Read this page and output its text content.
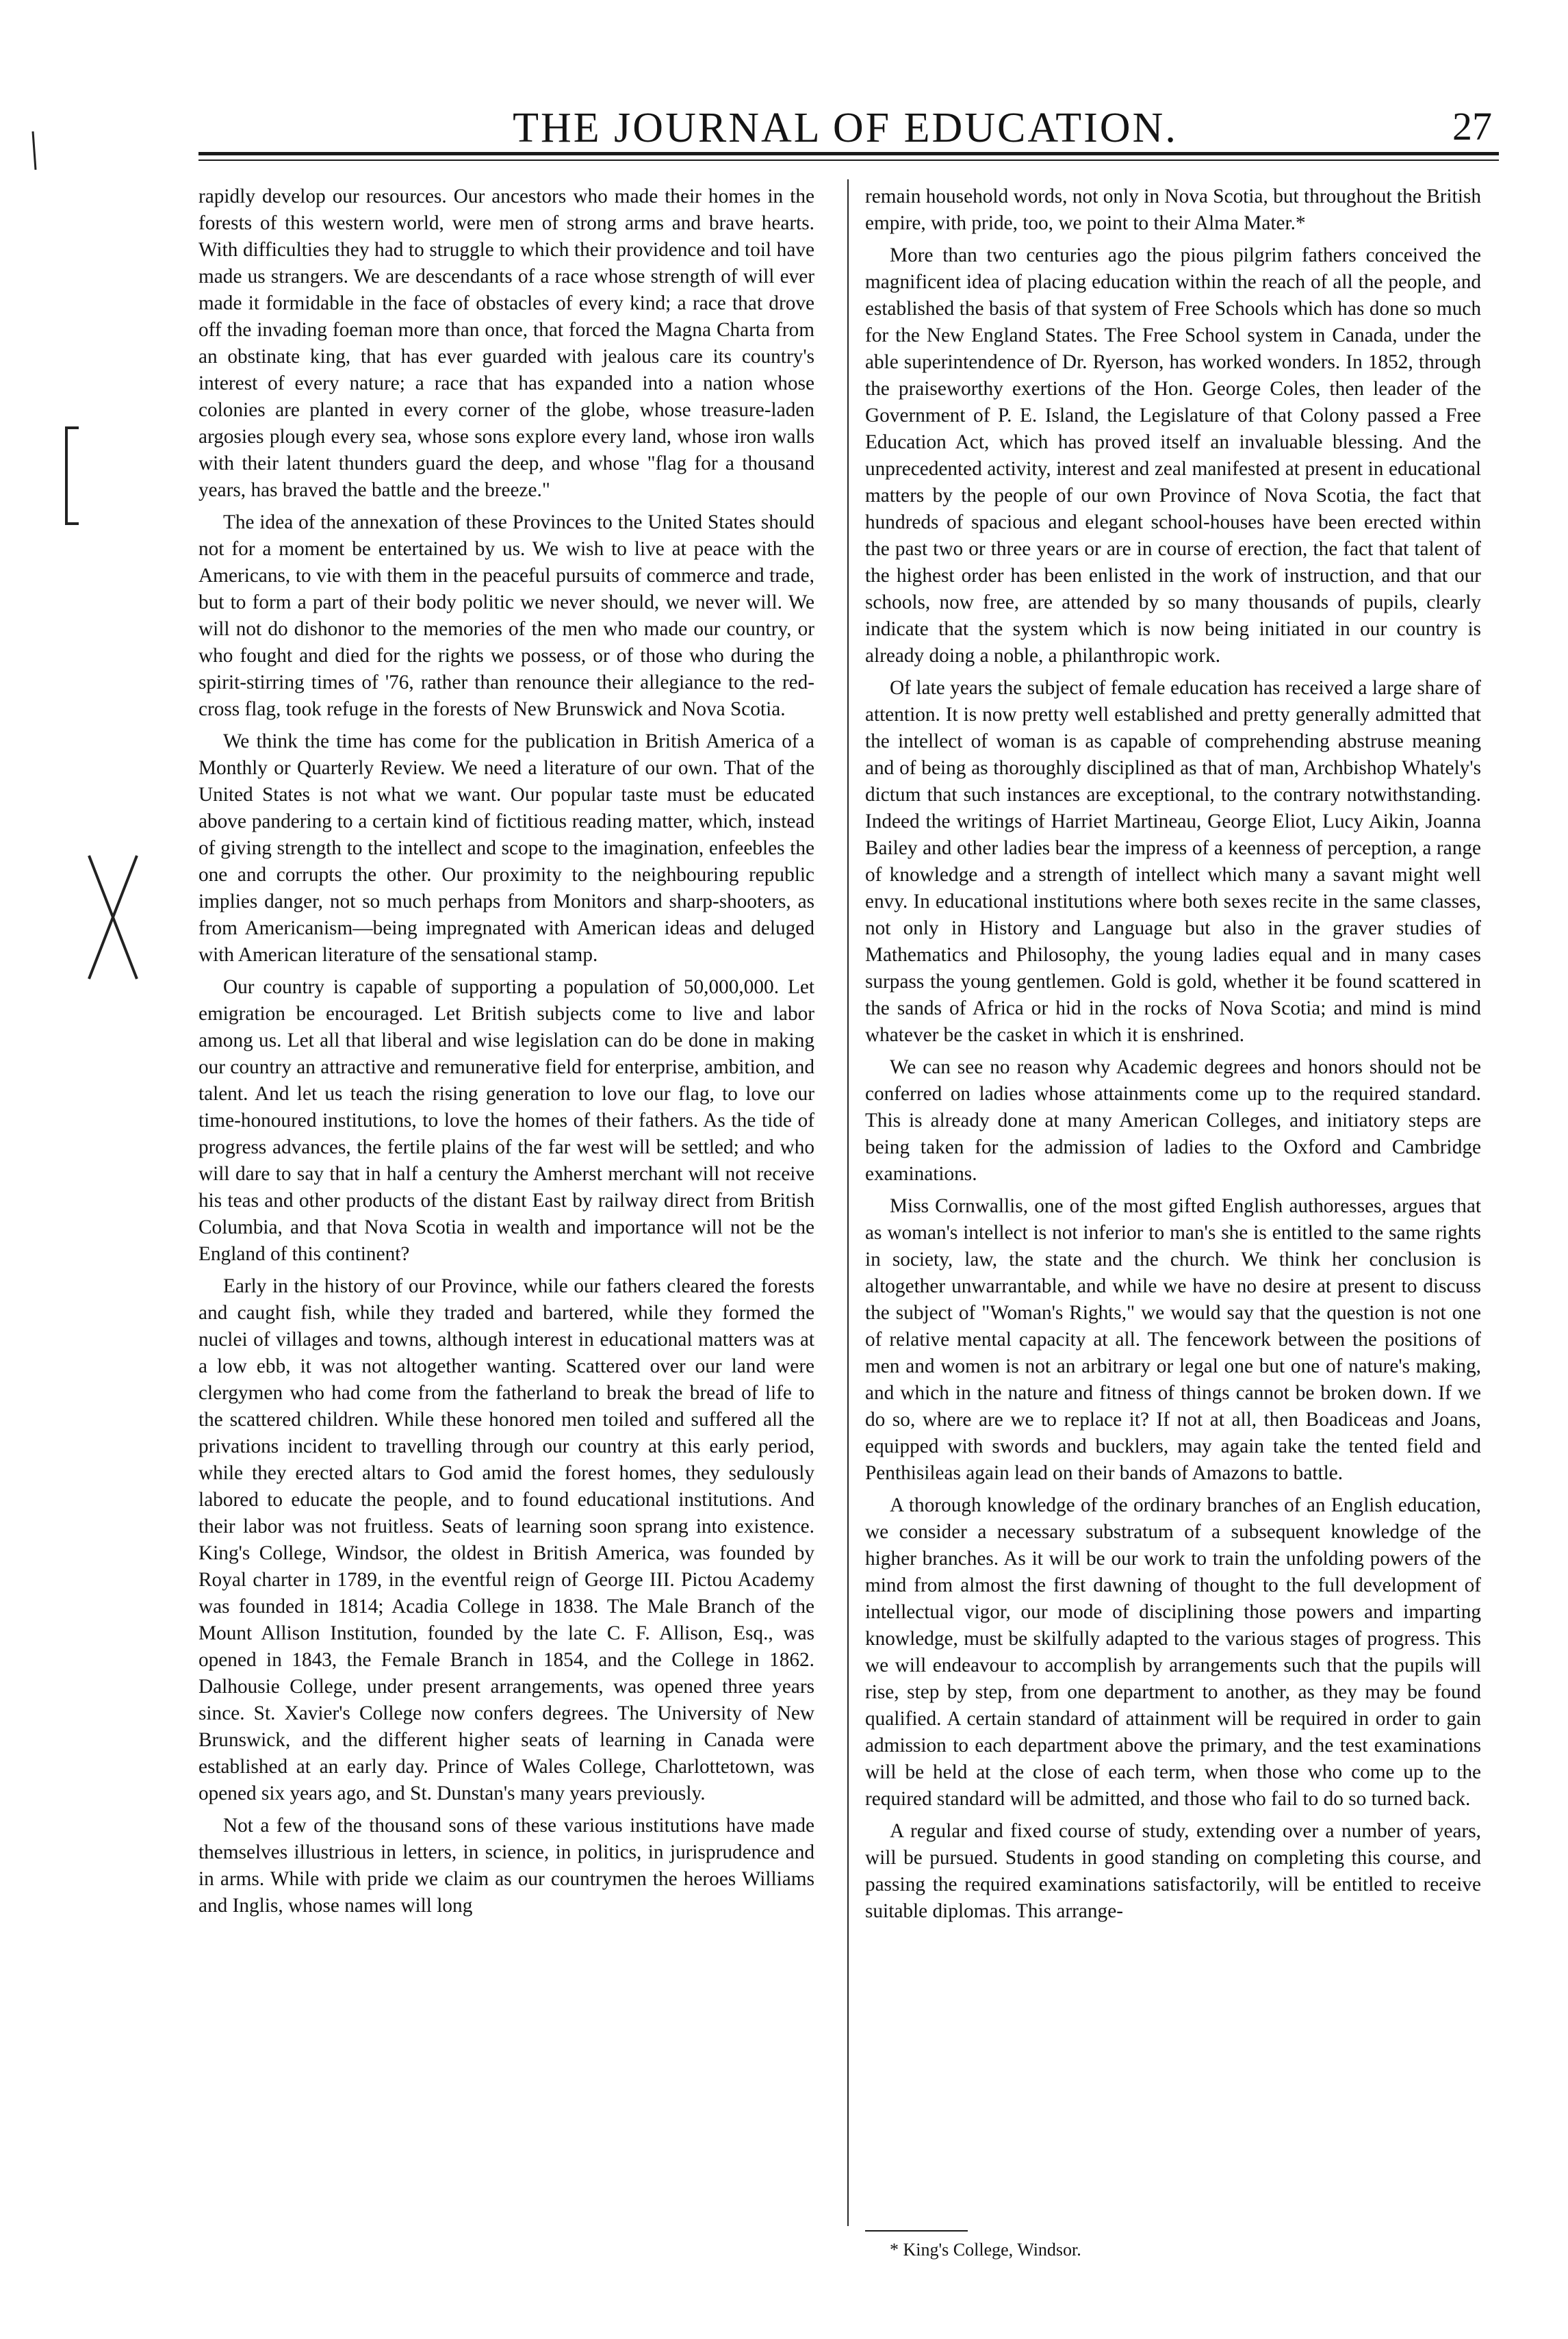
THE JOURNAL OF EDUCATION.	27

rapidly develop our resources. Our ancestors who made their homes in the forests of this western world, were men of strong arms and brave hearts. With difficulties they had to struggle to which their providence and toil have made us strangers. We are descendants of a race whose strength of will ever made it formidable in the face of obstacles of every kind; a race that drove off the invading foeman more than once, that forced the Magna Charta from an obstinate king, that has ever guarded with jealous care its country's interest of every nature; a race that has expanded into a nation whose colonies are planted in every corner of the globe, whose treasure-laden argosies plough every sea, whose sons explore every land, whose iron walls with their latent thunders guard the deep, and whose "flag for a thousand years, has braved the battle and the breeze."

The idea of the annexation of these Provinces to the United States should not for a moment be entertained by us. We wish to live at peace with the Americans, to vie with them in the peaceful pursuits of commerce and trade, but to form a part of their body politic we never should, we never will. We will not do dishonor to the memories of the men who made our country, or who fought and died for the rights we possess, or of those who during the spirit-stirring times of '76, rather than renounce their allegiance to the red-cross flag, took refuge in the forests of New Brunswick and Nova Scotia.

We think the time has come for the publication in British America of a Monthly or Quarterly Review. We need a literature of our own. That of the United States is not what we want. Our popular taste must be educated above pandering to a certain kind of fictitious reading matter, which, instead of giving strength to the intellect and scope to the imagination, enfeebles the one and corrupts the other. Our proximity to the neighbouring republic implies danger, not so much perhaps from Monitors and sharp-shooters, as from Americanism—being impregnated with American ideas and deluged with American literature of the sensational stamp.

Our country is capable of supporting a population of 50,000,000. Let emigration be encouraged. Let British subjects come to live and labor among us. Let all that liberal and wise legislation can do be done in making our country an attractive and remunerative field for enterprise, ambition, and talent. And let us teach the rising generation to love our flag, to love our time-honoured institutions, to love the homes of their fathers. As the tide of progress advances, the fertile plains of the far west will be settled; and who will dare to say that in half a century the Amherst merchant will not receive his teas and other products of the distant East by railway direct from British Columbia, and that Nova Scotia in wealth and importance will not be the England of this continent?

Early in the history of our Province, while our fathers cleared the forests and caught fish, while they traded and bartered, while they formed the nuclei of villages and towns, although interest in educational matters was at a low ebb, it was not altogether wanting. Scattered over our land were clergymen who had come from the fatherland to break the bread of life to the scattered children. While these honored men toiled and suffered all the privations incident to travelling through our country at this early period, while they erected altars to God amid the forest homes, they sedulously labored to educate the people, and to found educational institutions. And their labor was not fruitless. Seats of learning soon sprang into existence. King's College, Windsor, the oldest in British America, was founded by Royal charter in 1789, in the eventful reign of George III. Pictou Academy was founded in 1814; Acadia College in 1838. The Male Branch of the Mount Allison Institution, founded by the late C. F. Allison, Esq., was opened in 1843, the Female Branch in 1854, and the College in 1862. Dalhousie College, under present arrangements, was opened three years since. St. Xavier's College now confers degrees. The University of New Brunswick, and the different higher seats of learning in Canada were established at an early day. Prince of Wales College, Charlottetown, was opened six years ago, and St. Dunstan's many years previously.

Not a few of the thousand sons of these various institutions have made themselves illustrious in letters, in science, in politics, in jurisprudence and in arms. While with pride we claim as our countrymen the heroes Williams and Inglis, whose names will long

remain household words, not only in Nova Scotia, but throughout the British empire, with pride, too, we point to their Alma Mater.*

More than two centuries ago the pious pilgrim fathers conceived the magnificent idea of placing education within the reach of all the people, and established the basis of that system of Free Schools which has done so much for the New England States. The Free School system in Canada, under the able superintendence of Dr. Ryerson, has worked wonders. In 1852, through the praiseworthy exertions of the Hon. George Coles, then leader of the Government of P. E. Island, the Legislature of that Colony passed a Free Education Act, which has proved itself an invaluable blessing. And the unprecedented activity, interest and zeal manifested at present in educational matters by the people of our own Province of Nova Scotia, the fact that hundreds of spacious and elegant school-houses have been erected within the past two or three years or are in course of erection, the fact that talent of the highest order has been enlisted in the work of instruction, and that our schools, now free, are attended by so many thousands of pupils, clearly indicate that the system which is now being initiated in our country is already doing a noble, a philanthropic work.

Of late years the subject of female education has received a large share of attention. It is now pretty well established and pretty generally admitted that the intellect of woman is as capable of comprehending abstruse meaning and of being as thoroughly disciplined as that of man, Archbishop Whately's dictum that such instances are exceptional, to the contrary notwithstanding. Indeed the writings of Harriet Martineau, George Eliot, Lucy Aikin, Joanna Bailey and other ladies bear the impress of a keenness of perception, a range of knowledge and a strength of intellect which many a savant might well envy. In educational institutions where both sexes recite in the same classes, not only in History and Language but also in the graver studies of Mathematics and Philosophy, the young ladies equal and in many cases surpass the young gentlemen. Gold is gold, whether it be found scattered in the sands of Africa or hid in the rocks of Nova Scotia; and mind is mind whatever be the casket in which it is enshrined.

We can see no reason why Academic degrees and honors should not be conferred on ladies whose attainments come up to the required standard. This is already done at many American Colleges, and initiatory steps are being taken for the admission of ladies to the Oxford and Cambridge examinations.

Miss Cornwallis, one of the most gifted English authoresses, argues that as woman's intellect is not inferior to man's she is entitled to the same rights in society, law, the state and the church. We think her conclusion is altogether unwarrantable, and while we have no desire at present to discuss the subject of "Woman's Rights," we would say that the question is not one of relative mental capacity at all. The fencework between the positions of men and women is not an arbitrary or legal one but one of nature's making, and which in the nature and fitness of things cannot be broken down. If we do so, where are we to replace it? If not at all, then Boadiceas and Joans, equipped with swords and bucklers, may again take the tented field and Penthisileas again lead on their bands of Amazons to battle.

A thorough knowledge of the ordinary branches of an English education, we consider a necessary substratum of a subsequent knowledge of the higher branches. As it will be our work to train the unfolding powers of the mind from almost the first dawning of thought to the full development of intellectual vigor, our mode of disciplining those powers and imparting knowledge, must be skilfully adapted to the various stages of progress. This we will endeavour to accomplish by arrangements such that the pupils will rise, step by step, from one department to another, as they may be found qualified. A certain standard of attainment will be required in order to gain admission to each department above the primary, and the test examinations will be held at the close of each term, when those who come up to the required standard will be admitted, and those who fail to do so turned back.

A regular and fixed course of study, extending over a number of years, will be pursued. Students in good standing on completing this course, and passing the required examinations satisfactorily, will be entitled to receive suitable diplomas. This arrange-

* King's College, Windsor.
